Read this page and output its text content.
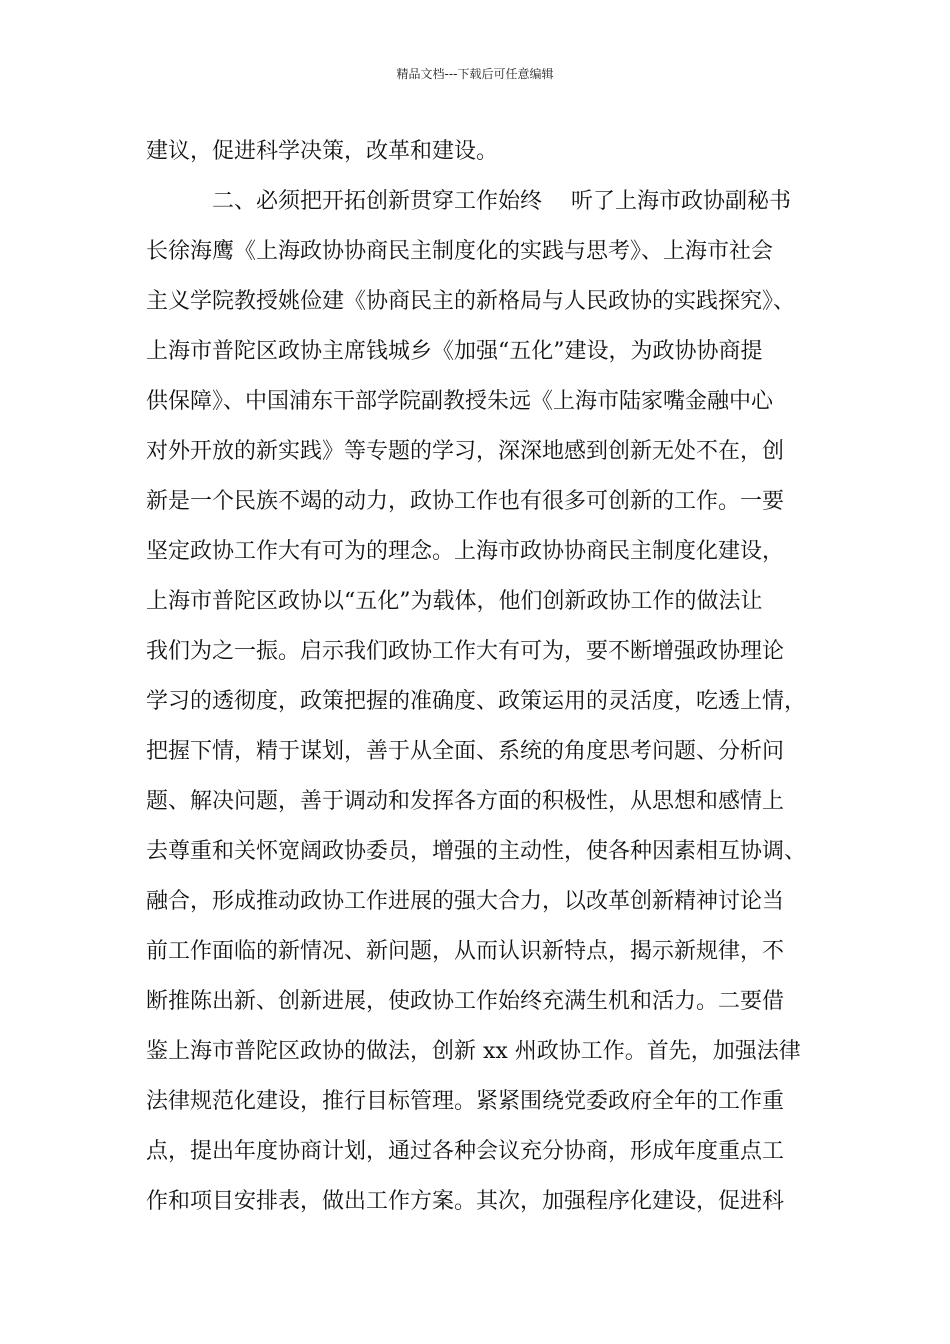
精品文档---下载后可任意编辑
建议，促进科学决策，改革和建设。
二、必须把开拓创新贯穿工作始终　 听了上海市政协副秘书
长徐海鹰《上海政协协商民主制度化的实践与思考》、上海市社会
主义学院教授姚俭建《协商民主的新格局与人民政协的实践探究》、
上海市普陀区政协主席钱城乡《加强“五化”建设，为政协协商提
供保障》、中国浦东干部学院副教授朱远《上海市陆家嘴金融中心
对外开放的新实践》等专题的学习，深深地感到创新无处不在，创
新是一个民族不竭的动力，政协工作也有很多可创新的工作。一要
坚定政协工作大有可为的理念。上海市政协协商民主制度化建设，
上海市普陀区政协以“五化”为载体，他们创新政协工作的做法让
我们为之一振。启示我们政协工作大有可为，要不断增强政协理论
学习的透彻度，政策把握的准确度、政策运用的灵活度，吃透上情，
把握下情，精于谋划，善于从全面、系统的角度思考问题、分析问
题、解决问题，善于调动和发挥各方面的积极性，从思想和感情上
去尊重和关怀宽阔政协委员，增强的主动性，使各种因素相互协调、
融合，形成推动政协工作进展的强大合力，以改革创新精神讨论当
前工作面临的新情况、新问题，从而认识新特点，揭示新规律，不
断推陈出新、创新进展，使政协工作始终充满生机和活力。二要借
鉴上海市普陀区政协的做法，创新 xx 州政协工作。首先，加强法律
法律规范化建设，推行目标管理。紧紧围绕党委政府全年的工作重
点，提出年度协商计划，通过各种会议充分协商，形成年度重点工
作和项目安排表，做出工作方案。其次，加强程序化建设，促进科
